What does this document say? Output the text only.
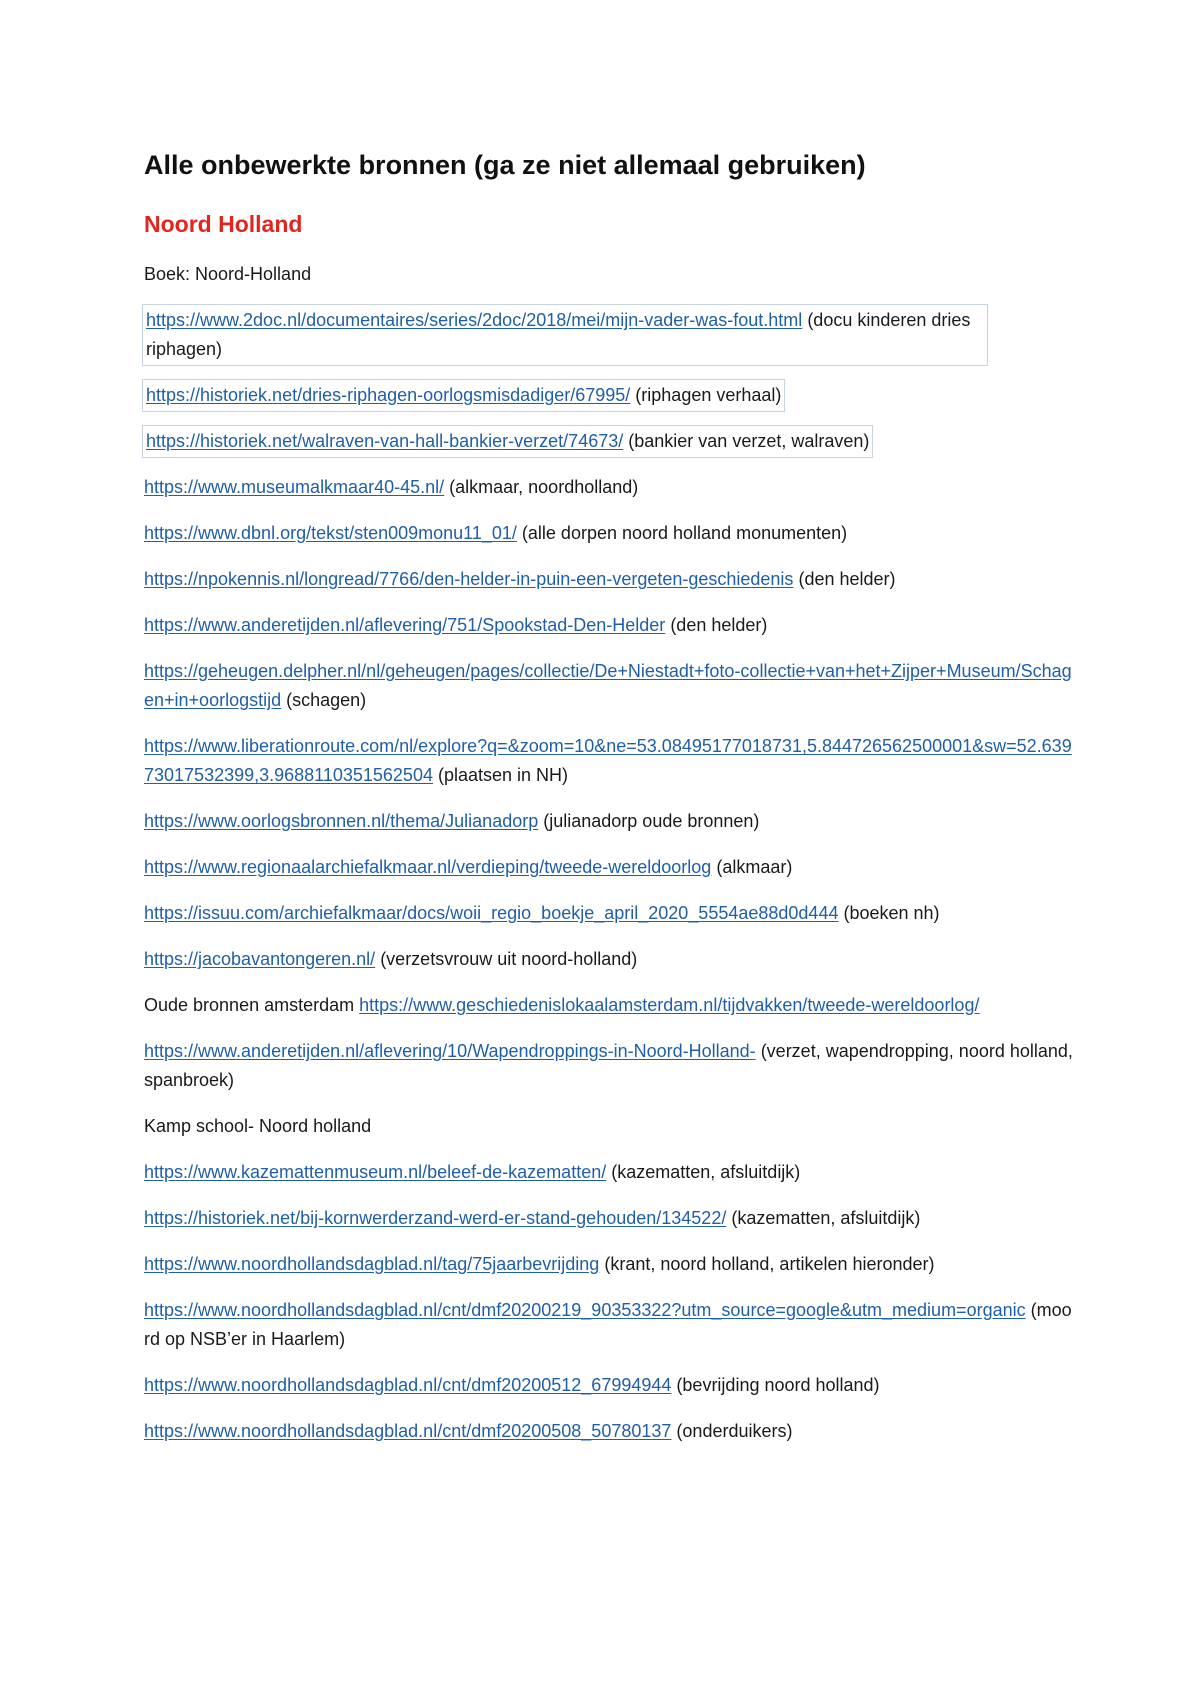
Alle onbewerkte bronnen (ga ze niet allemaal gebruiken)
Noord Holland

Boek: Noord-Holland

https://www.2doc.nl/documentaires/series/2doc/2018/mei/mijn-vader-was-fout.html (docu kinderen dries riphagen)

https://historiek.net/dries-riphagen-oorlogsmisdadiger/67995/ (riphagen verhaal)

https://historiek.net/walraven-van-hall-bankier-verzet/74673/ (bankier van verzet, walraven)

https://www.museumalkmaar40-45.nl/ (alkmaar, noordholland)

https://www.dbnl.org/tekst/sten009monu11_01/ (alle dorpen noord holland monumenten)

https://npokennis.nl/longread/7766/den-helder-in-puin-een-vergeten-geschiedenis (den helder)

https://www.anderetijden.nl/aflevering/751/Spookstad-Den-Helder (den helder)

https://geheugen.delpher.nl/nl/geheugen/pages/collectie/De+Niestadt+foto-collectie+van+het+Zijper+Museum/Schagen+in+oorlogstijd (schagen)

https://www.liberationroute.com/nl/explore?q=&zoom=10&ne=53.08495177018731,5.844726562500001&sw=52.63973017532399,3.9688110351562504 (plaatsen in NH)

https://www.oorlogsbronnen.nl/thema/Julianadorp (julianadorp oude bronnen)

https://www.regionaalarchiefalkmaar.nl/verdieping/tweede-wereldoorlog (alkmaar)

https://issuu.com/archiefalkmaar/docs/woii_regio_boekje_april_2020_5554ae88d0d444 (boeken nh)

https://jacobavantongeren.nl/ (verzetsvrouw uit noord-holland)

Oude bronnen amsterdam https://www.geschiedenislokaalamsterdam.nl/tijdvakken/tweede-wereldoorlog/

https://www.anderetijden.nl/aflevering/10/Wapendroppings-in-Noord-Holland- (verzet, wapendropping, noord holland, spanbroek)

Kamp school- Noord holland

https://www.kazemattenmuseum.nl/beleef-de-kazematten/ (kazematten, afsluitdijk)

https://historiek.net/bij-kornwerderzand-werd-er-stand-gehouden/134522/ (kazematten, afsluitdijk)

https://www.noordhollandsdagblad.nl/tag/75jaarbevrijding (krant, noord holland, artikelen hieronder)

https://www.noordhollandsdagblad.nl/cnt/dmf20200219_90353322?utm_source=google&utm_medium=organic (moord op NSB’er in Haarlem)

https://www.noordhollandsdagblad.nl/cnt/dmf20200512_67994944 (bevrijding noord holland)

https://www.noordhollandsdagblad.nl/cnt/dmf20200508_50780137 (onderduikers)
